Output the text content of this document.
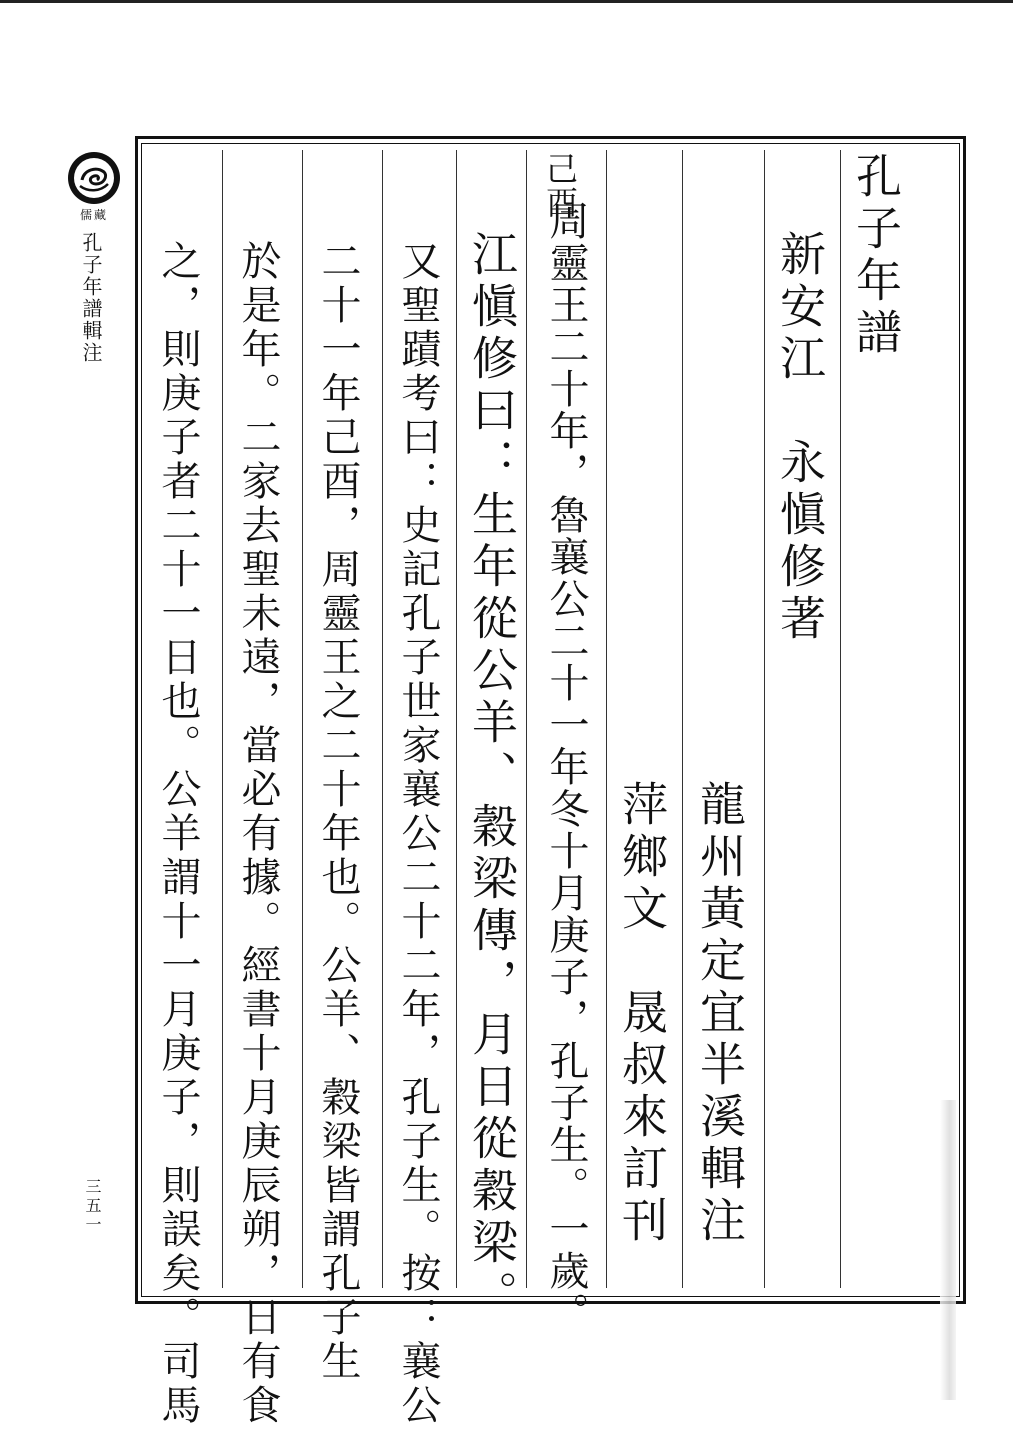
儒藏
孔子年譜輯注
三五一
孔子年譜
新安江　永愼修著
龍州黃定宜半溪輯注
萍鄉文　晟叔來訂刊
己酉
周靈王二十年，魯襄公二十一年冬十月庚子，孔子生。一歲。
江愼修曰：生年從公羊、穀梁傳，月日從穀梁。
又聖蹟考曰：史記孔子世家襄公二十二年，孔子生。按：襄公
二十一年己酉，周靈王之二十年也。公羊、穀梁皆謂孔子生
於是年。二家去聖未遠，當必有據。經書十月庚辰朔，日有食
之，則庚子者二十一日也。公羊謂十一月庚子，則誤矣。司馬
